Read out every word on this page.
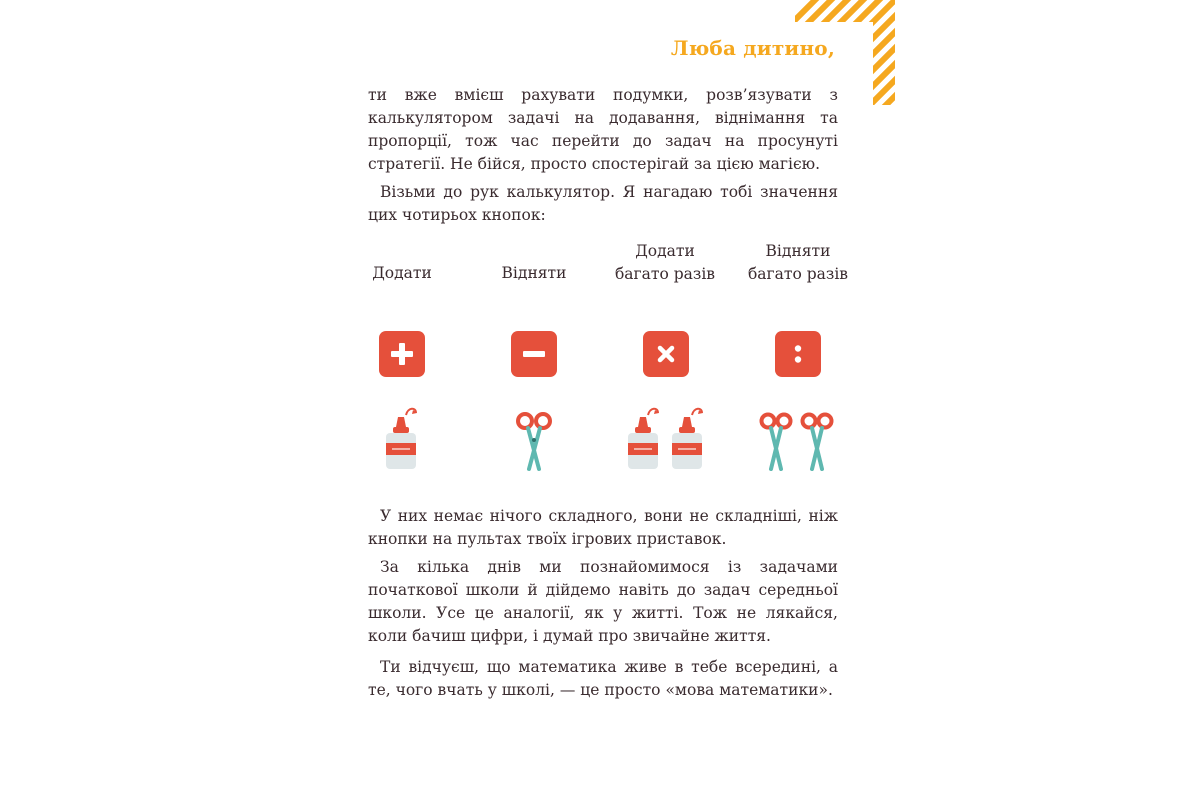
Люба дитино,

ти вже вмієш рахувати подумки, розв’язувати з калькулятором задачі на додавання, віднімання та пропорції, тож час перейти до задач на просунуті стратегії. Не бійся, просто спостерігай за цією магією.

Візьми до рук калькулятор. Я нагадаю тобі значення цих чотирьох кнопок:

Додати	Відняти
Додати багато разів
Відняти багато разів

У них немає нічого складного, вони не складніші, ніж кнопки на пультах твоїх ігрових приставок.

За кілька днів ми познайомимося із задачами початкової школи й дійдемо навіть до задач середньої школи. Усе це аналогії, як у житті. Тож не лякайся, коли бачиш цифри, і думай про звичайне життя.

Ти відчуєш, що математика живе в тебе всередині, а те, чого вчать у школі, — це просто «мова математики».
